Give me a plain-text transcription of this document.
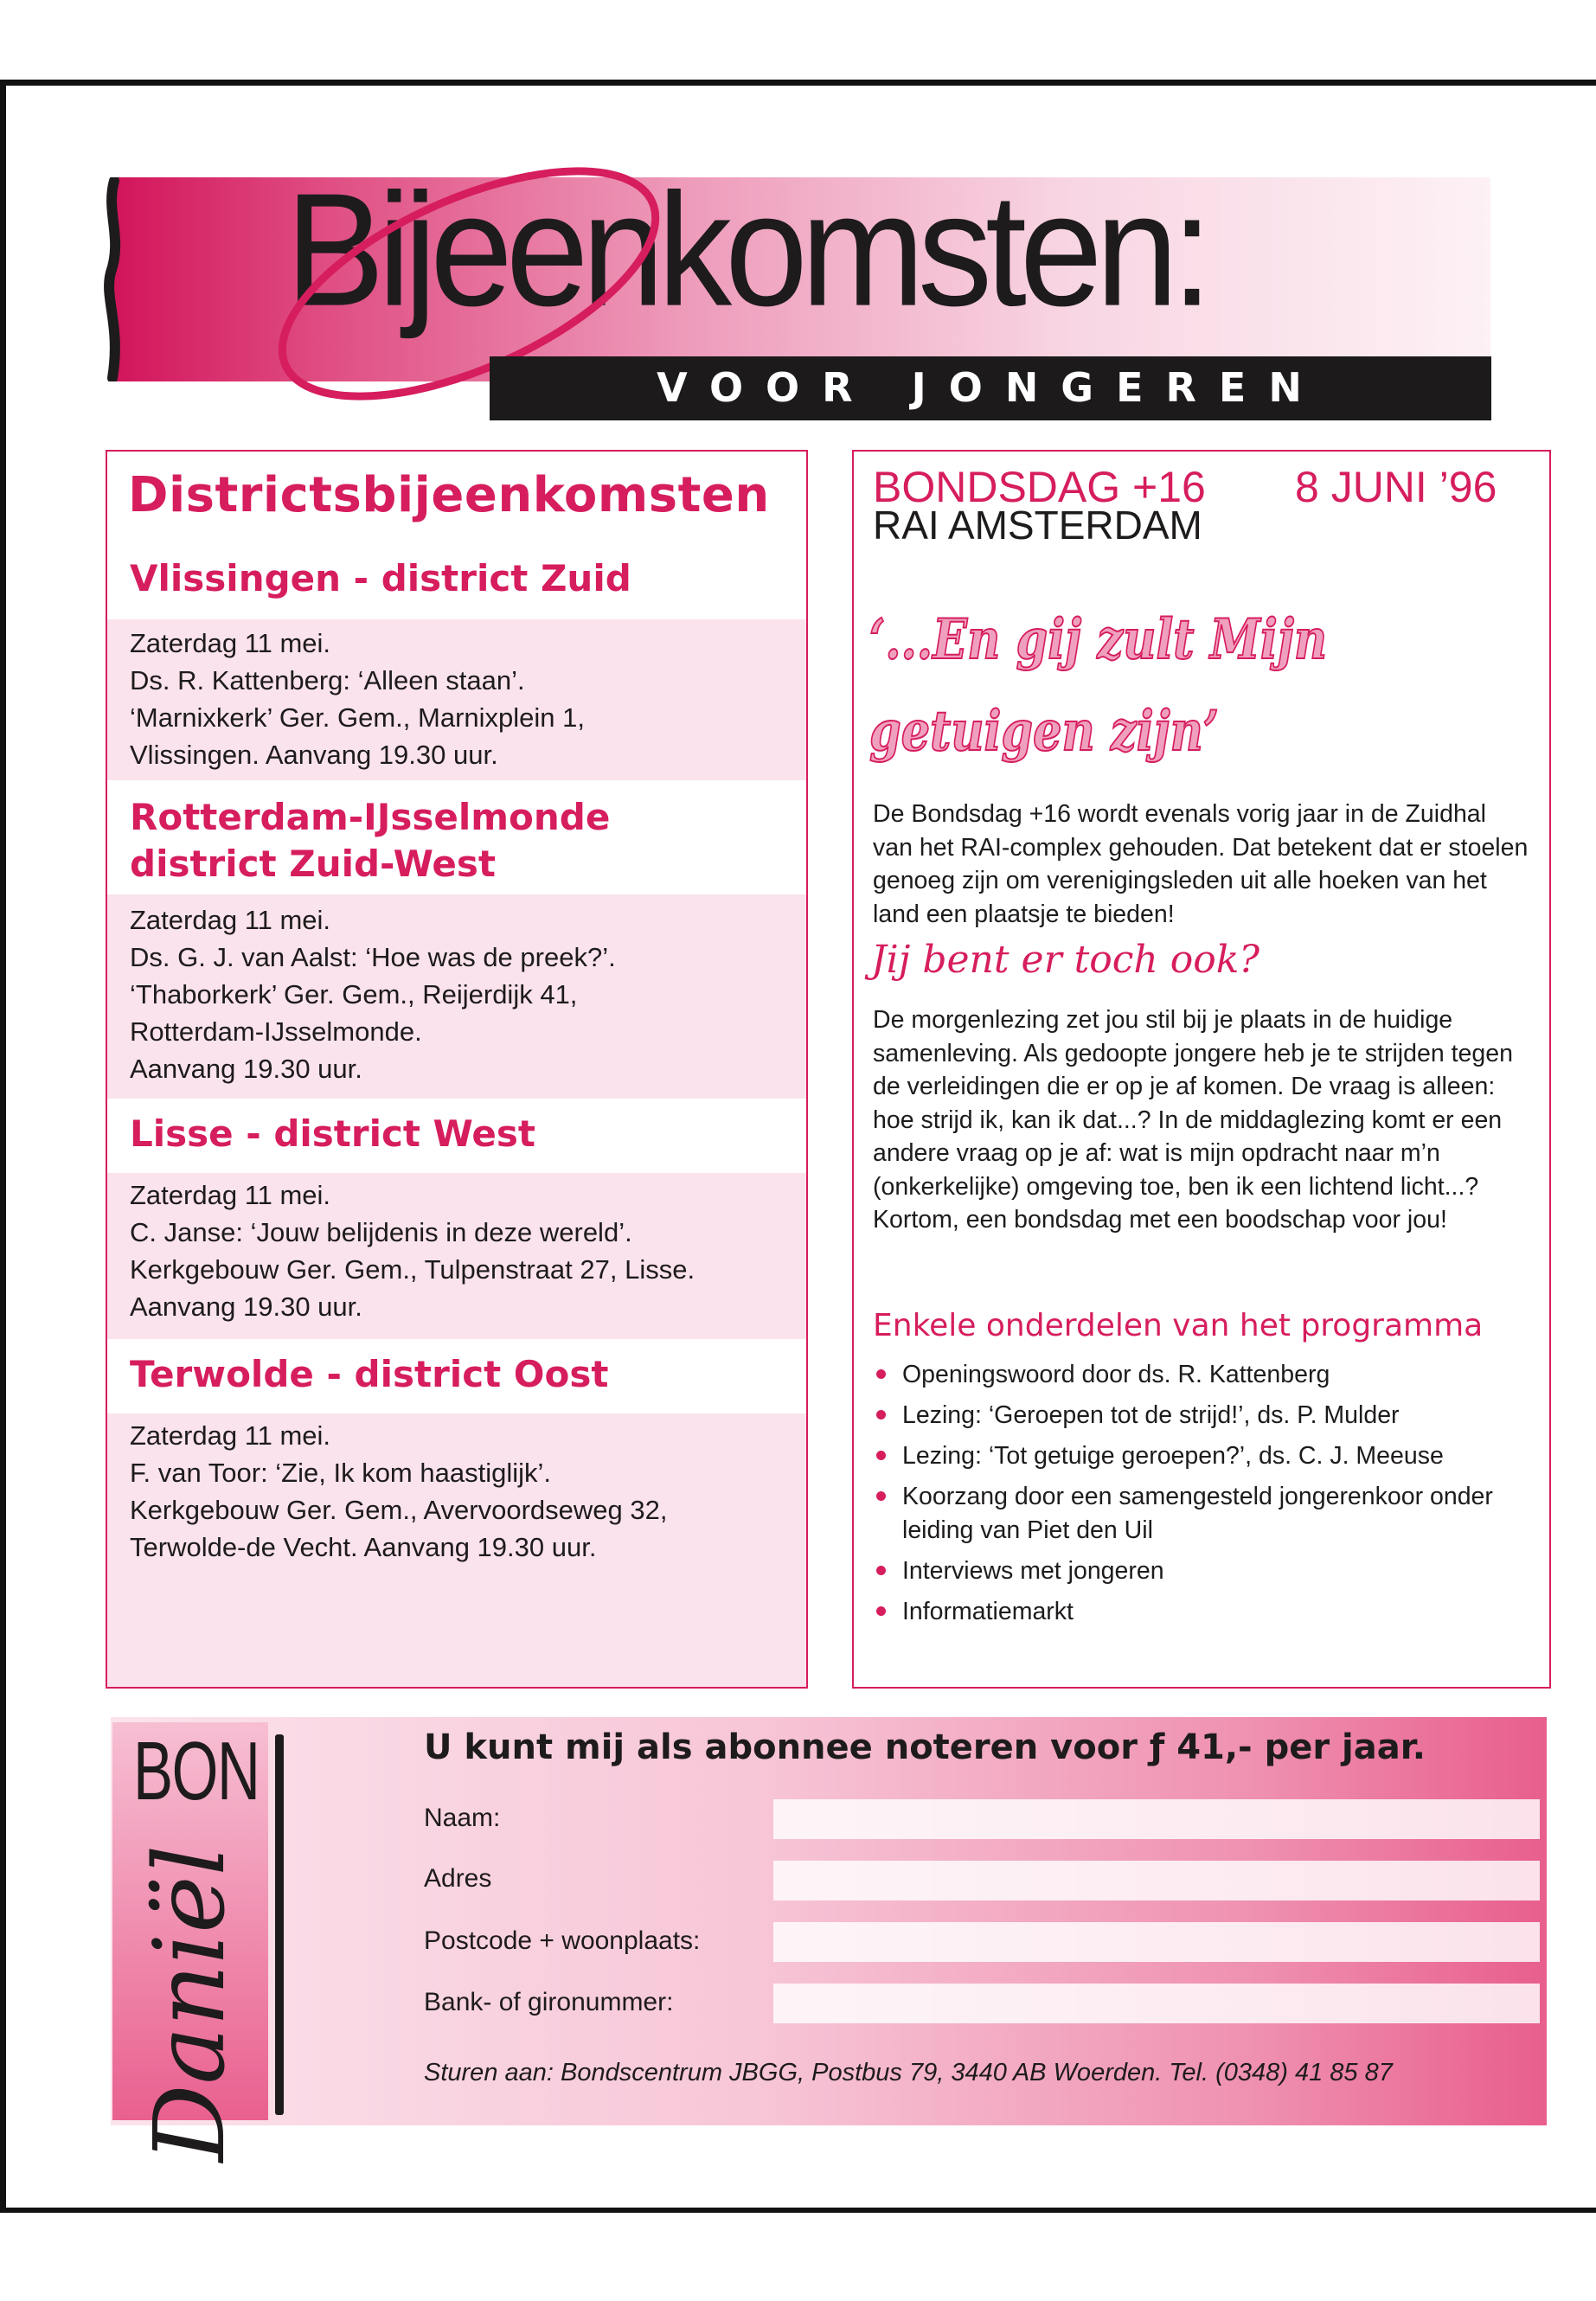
Bijeenkomsten:
VOOR JONGEREN
Districtsbijeenkomsten
Vlissingen - district Zuid
Zaterdag 11 mei.
Ds. R. Kattenberg: ‘Alleen staan’.
‘Marnixkerk’ Ger. Gem., Marnixplein 1,
Vlissingen. Aanvang 19.30 uur.
Rotterdam-IJsselmonde district Zuid-West
Zaterdag 11 mei.
Ds. G. J. van Aalst: ‘Hoe was de preek?’.
‘Thaborkerk’ Ger. Gem., Reijerdijk 41,
Rotterdam-IJsselmonde.
Aanvang 19.30 uur.
Lisse - district West
Zaterdag 11 mei.
C. Janse: ‘Jouw belijdenis in deze wereld’.
Kerkgebouw Ger. Gem., Tulpenstraat 27, Lisse.
Aanvang 19.30 uur.
Terwolde - district Oost
Zaterdag 11 mei.
F. van Toor: ‘Zie, Ik kom haastiglijk’.
Kerkgebouw Ger. Gem., Avervoordseweg 32,
Terwolde-de Vecht. Aanvang 19.30 uur.
BONDSDAG +16 8 JUNI ’96
RAI AMSTERDAM
‘...En gij zult Mijn getuigen zijn’
De Bondsdag +16 wordt evenals vorig jaar in de Zuidhal van het RAI-complex gehouden. Dat betekent dat er stoelen genoeg zijn om verenigingsleden uit alle hoeken van het land een plaatsje te bieden!
Jij bent er toch ook?
De morgenlezing zet jou stil bij je plaats in de huidige samenleving. Als gedoopte jongere heb je te strijden tegen de verleidingen die er op je af komen. De vraag is alleen: hoe strijd ik, kan ik dat...? In de middaglezing komt er een andere vraag op je af: wat is mijn opdracht naar m’n (onkerkelijke) omgeving toe, ben ik een lichtend licht...? Kortom, een bondsdag met een boodschap voor jou!
Enkele onderdelen van het programma
Openingswoord door ds. R. Kattenberg
Lezing: ‘Geroepen tot de strijd!’, ds. P. Mulder
Lezing: ‘Tot getuige geroepen?’, ds. C. J. Meeuse
Koorzang door een samengesteld jongerenkoor onder leiding van Piet den Uil
Interviews met jongeren
Informatiemarkt
BON
Daniël
U kunt mij als abonnee noteren voor ƒ 41,- per jaar.
Naam:
Adres
Postcode + woonplaats:
Bank- of gironummer:
Sturen aan: Bondscentrum JBGG, Postbus 79, 3440 AB Woerden. Tel. (0348) 41 85 87
